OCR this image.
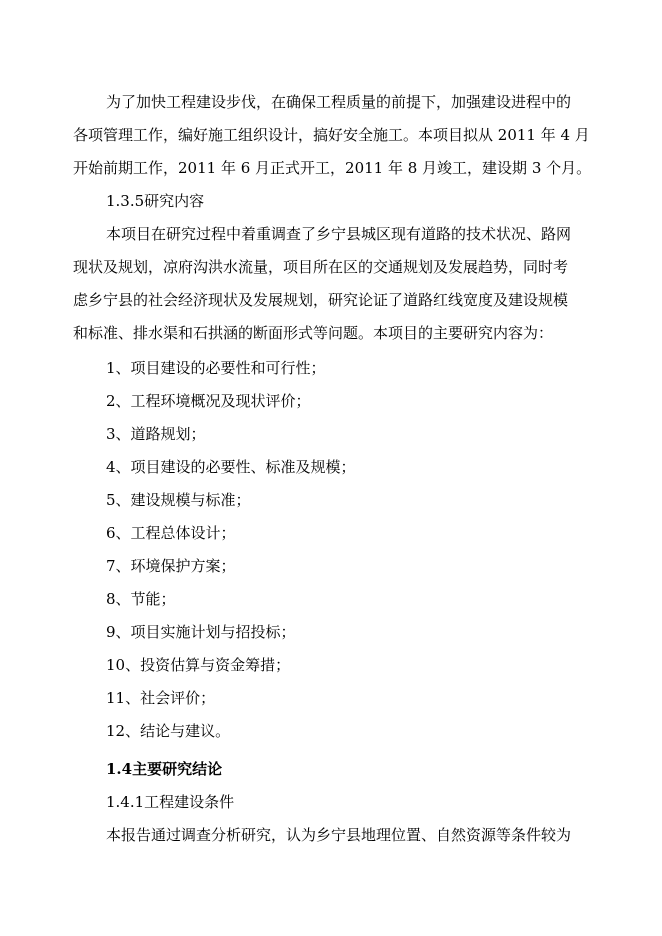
为了加快工程建设步伐，在确保工程质量的前提下，加强建设进程中的
各项管理工作，编好施工组织设计，搞好安全施工。本项目拟从 2011 年 4 月
开始前期工作，2011 年 6 月正式开工，2011 年 8 月竣工，建设期 3 个月。
1.3.5研究内容
本项目在研究过程中着重调查了乡宁县城区现有道路的技术状况、路网
现状及规划，凉府沟洪水流量，项目所在区的交通规划及发展趋势，同时考
虑乡宁县的社会经济现状及发展规划，研究论证了道路红线宽度及建设规模
和标准、排水渠和石拱涵的断面形式等问题。本项目的主要研究内容为：
1、项目建设的必要性和可行性；
2、工程环境概况及现状评价；
3、道路规划；
4、项目建设的必要性、标准及规模；
5、建设规模与标准；
6、工程总体设计；
7、环境保护方案；
8、节能；
9、项目实施计划与招投标；
10、投资估算与资金筹措；
11、社会评价；
12、结论与建议。
1.4主要研究结论
1.4.1工程建设条件
本报告通过调查分析研究，认为乡宁县地理位置、自然资源等条件较为
